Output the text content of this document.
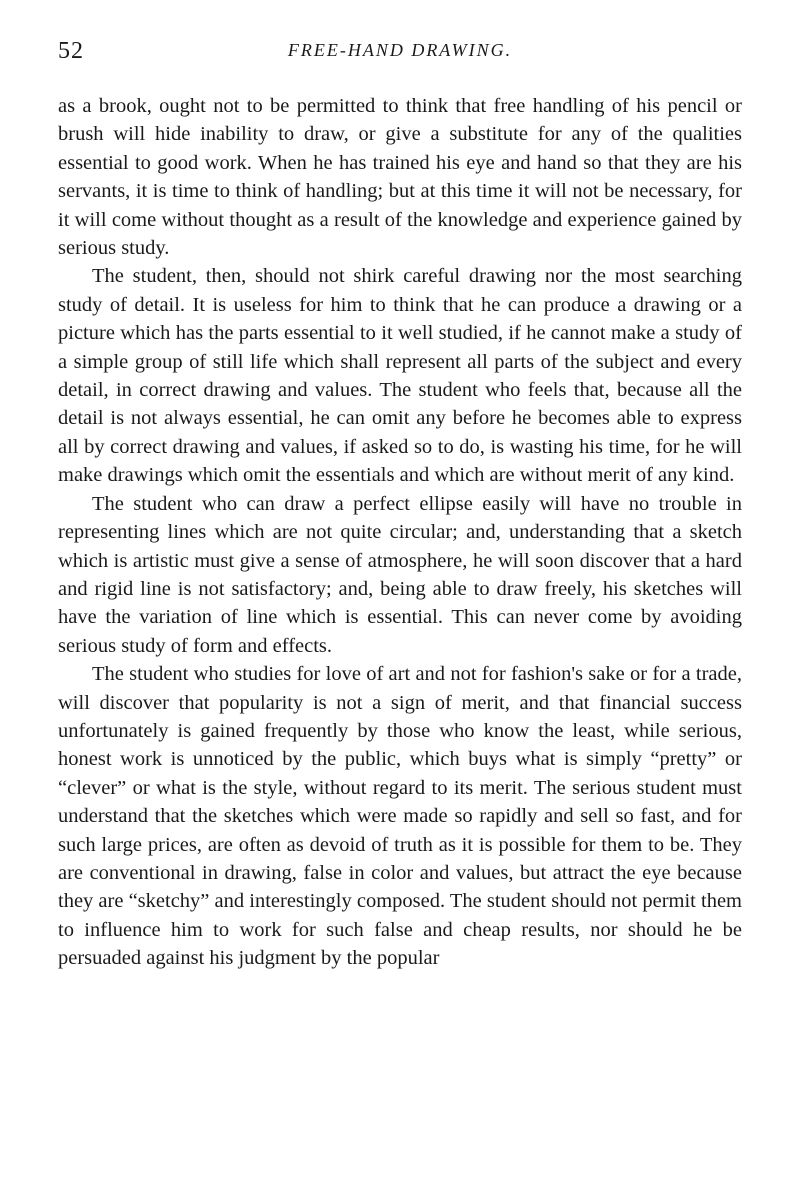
52	FREE-HAND DRAWING.

as a brook, ought not to be permitted to think that free handling of his pencil or brush will hide inability to draw, or give a substitute for any of the qualities essential to good work. When he has trained his eye and hand so that they are his servants, it is time to think of handling; but at this time it will not be necessary, for it will come without thought as a result of the knowledge and experience gained by serious study.

The student, then, should not shirk careful drawing nor the most searching study of detail. It is useless for him to think that he can produce a drawing or a picture which has the parts essential to it well studied, if he cannot make a study of a simple group of still life which shall represent all parts of the subject and every detail, in correct drawing and values. The student who feels that, because all the detail is not always essential, he can omit any before he becomes able to express all by correct drawing and values, if asked so to do, is wasting his time, for he will make drawings which omit the essentials and which are without merit of any kind.

The student who can draw a perfect ellipse easily will have no trouble in representing lines which are not quite circular; and, understanding that a sketch which is artistic must give a sense of atmosphere, he will soon discover that a hard and rigid line is not satisfactory; and, being able to draw freely, his sketches will have the variation of line which is essential. This can never come by avoiding serious study of form and effects.

The student who studies for love of art and not for fashion's sake or for a trade, will discover that popularity is not a sign of merit, and that financial success unfortunately is gained frequently by those who know the least, while serious, honest work is unnoticed by the public, which buys what is simply “pretty” or “clever” or what is the style, without regard to its merit. The serious student must understand that the sketches which were made so rapidly and sell so fast, and for such large prices, are often as devoid of truth as it is possible for them to be. They are conventional in drawing, false in color and values, but attract the eye because they are “sketchy” and interestingly composed. The student should not permit them to influence him to work for such false and cheap results, nor should he be persuaded against his judgment by the popular
